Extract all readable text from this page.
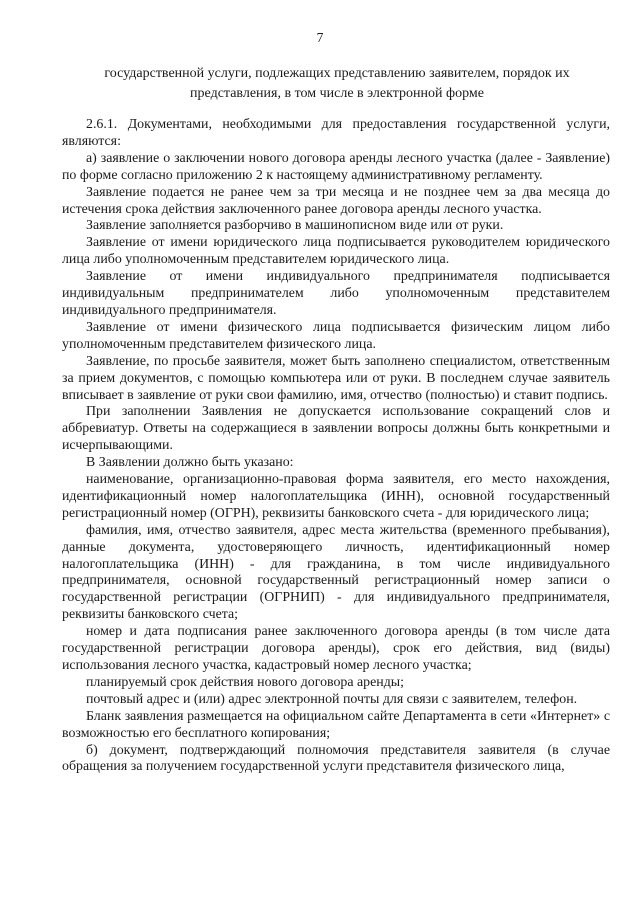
7
государственной услуги, подлежащих представлению заявителем, порядок их представления, в том числе в электронной форме

2.6.1. Документами, необходимыми для предоставления государственной услуги, являются:

а) заявление о заключении нового договора аренды лесного участка (далее - Заявление) по форме согласно приложению 2 к настоящему административному регламенту.

Заявление подается не ранее чем за три месяца и не позднее чем за два месяца до истечения срока действия заключенного ранее договора аренды лесного участка.

Заявление заполняется разборчиво в машинописном виде или от руки.

Заявление от имени юридического лица подписывается руководителем юридического лица либо уполномоченным представителем юридического лица.

Заявление от имени индивидуального предпринимателя подписывается индивидуальным предпринимателем либо уполномоченным представителем индивидуального предпринимателя.

Заявление от имени физического лица подписывается физическим лицом либо уполномоченным представителем физического лица.

Заявление, по просьбе заявителя, может быть заполнено специалистом, ответственным за прием документов, с помощью компьютера или от руки. В последнем случае заявитель вписывает в заявление от руки свои фамилию, имя, отчество (полностью) и ставит подпись.

При заполнении Заявления не допускается использование сокращений слов и аббревиатур. Ответы на содержащиеся в заявлении вопросы должны быть конкретными и исчерпывающими.

В Заявлении должно быть указано:

наименование, организационно-правовая форма заявителя, его место нахождения, идентификационный номер налогоплательщика (ИНН), основной государственный регистрационный номер (ОГРН), реквизиты банковского счета - для юридического лица;

фамилия, имя, отчество заявителя, адрес места жительства (временного пребывания), данные документа, удостоверяющего личность, идентификационный номер налогоплательщика (ИНН) - для гражданина, в том числе индивидуального предпринимателя, основной государственный регистрационный номер записи о государственной регистрации (ОГРНИП) - для индивидуального предпринимателя, реквизиты банковского счета;

номер и дата подписания ранее заключенного договора аренды (в том числе дата государственной регистрации договора аренды), срок его действия, вид (виды) использования лесного участка, кадастровый номер лесного участка;

планируемый срок действия нового договора аренды;

почтовый адрес и (или) адрес электронной почты для связи с заявителем, телефон.

Бланк заявления размещается на официальном сайте Департамента в сети «Интернет» с возможностью его бесплатного копирования;

б) документ, подтверждающий полномочия представителя заявителя (в случае обращения за получением государственной услуги представителя физического лица,
